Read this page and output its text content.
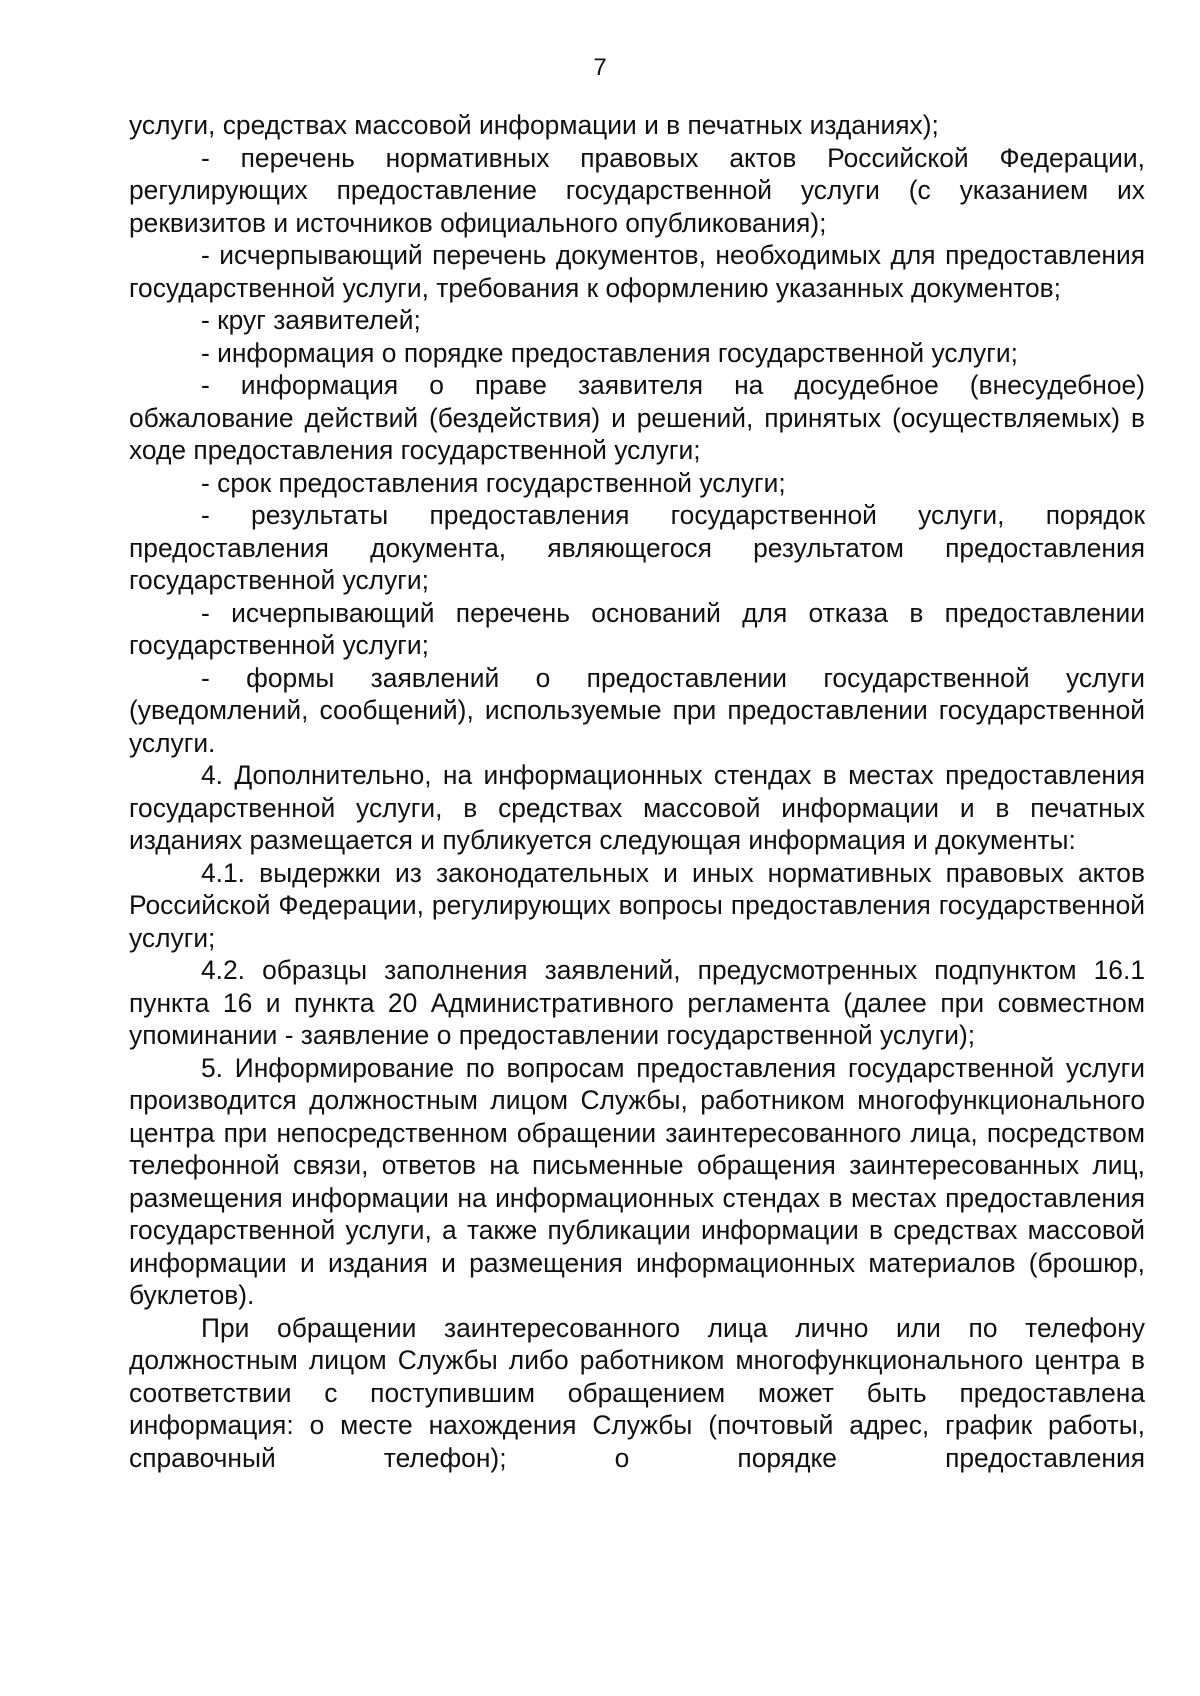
7

услуги, средствах массовой информации и в печатных изданиях);

- перечень нормативных правовых актов Российской Федерации, регулирующих предоставление государственной услуги (с указанием их реквизитов и источников официального опубликования);

- исчерпывающий перечень документов, необходимых для предоставления государственной услуги, требования к оформлению указанных документов;

- круг заявителей;

- информация о порядке предоставления государственной услуги;

- информация о праве заявителя на досудебное (внесудебное) обжалование действий (бездействия) и решений, принятых (осуществляемых) в ходе предоставления государственной услуги;

- срок предоставления государственной услуги;

- результаты предоставления государственной услуги, порядок предоставления документа, являющегося результатом предоставления государственной услуги;

- исчерпывающий перечень оснований для отказа в предоставлении государственной услуги;

- формы заявлений о предоставлении государственной услуги (уведомлений, сообщений), используемые при предоставлении государственной услуги.

4. Дополнительно, на информационных стендах в местах предоставления государственной услуги, в средствах массовой информации и в печатных изданиях размещается и публикуется следующая информация и документы:

4.1. выдержки из законодательных и иных нормативных правовых актов Российской Федерации, регулирующих вопросы предоставления государственной услуги;

4.2. образцы заполнения заявлений, предусмотренных подпунктом 16.1 пункта 16 и пункта 20 Административного регламента (далее при совместном упоминании - заявление о предоставлении государственной услуги);

5. Информирование по вопросам предоставления государственной услуги производится должностным лицом Службы, работником многофункционального центра при непосредственном обращении заинтересованного лица, посредством телефонной связи, ответов на письменные обращения заинтересованных лиц, размещения информации на информационных стендах в местах предоставления государственной услуги, а также публикации информации в средствах массовой информации и издания и размещения информационных материалов (брошюр, буклетов).

При обращении заинтересованного лица лично или по телефону должностным лицом Службы либо работником многофункционального центра в соответствии с поступившим обращением может быть предоставлена информация: о месте нахождения Службы (почтовый адрес, график работы, справочный телефон); о порядке предоставления
